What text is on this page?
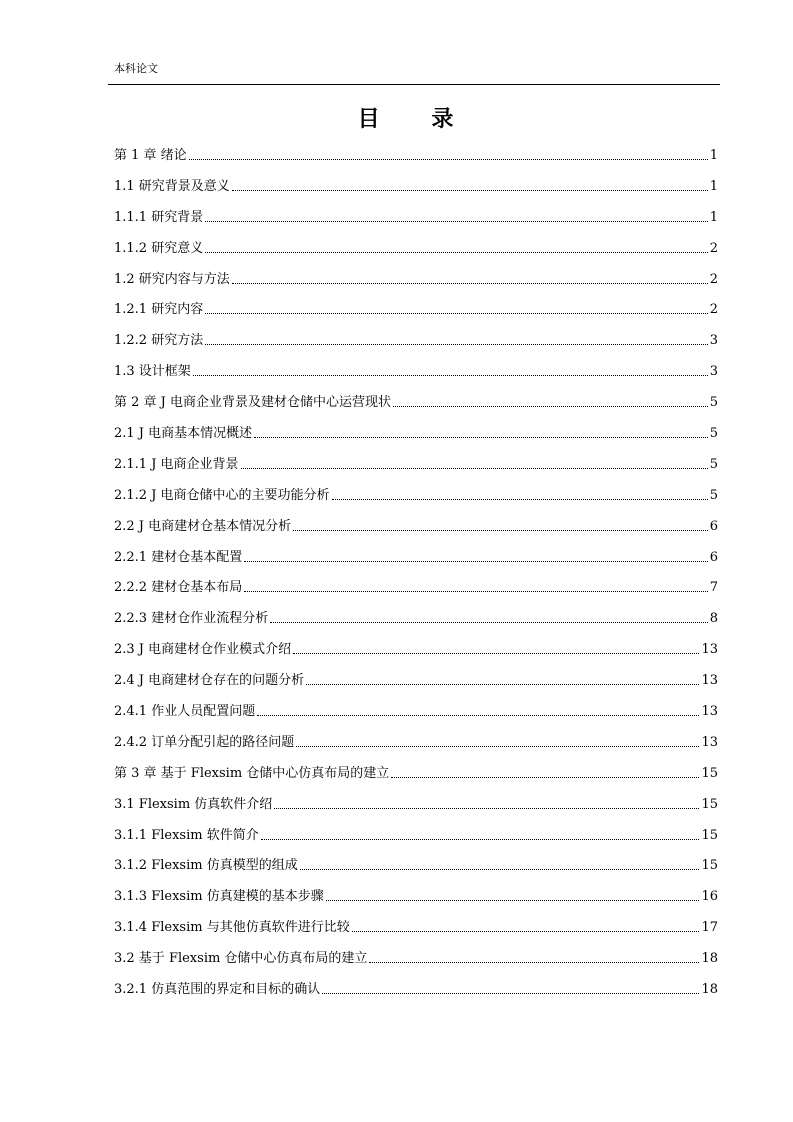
本科论文
目 录
第 1 章 绪论	1
1.1 研究背景及意义	1
1.1.1 研究背景	1
1.1.2 研究意义	2
1.2 研究内容与方法	2
1.2.1 研究内容	2
1.2.2 研究方法	3
1.3 设计框架	3
第 2 章 J 电商企业背景及建材仓储中心运营现状	5
2.1 J 电商基本情况概述	5
2.1.1 J 电商企业背景	5
2.1.2 J 电商仓储中心的主要功能分析	5
2.2 J 电商建材仓基本情况分析	6
2.2.1 建材仓基本配置	6
2.2.2 建材仓基本布局	7
2.2.3 建材仓作业流程分析	8
2.3 J 电商建材仓作业模式介绍	13
2.4 J 电商建材仓存在的问题分析	13
2.4.1 作业人员配置问题	13
2.4.2 订单分配引起的路径问题	13
第 3 章 基于 Flexsim 仓储中心仿真布局的建立	15
3.1 Flexsim 仿真软件介绍	15
3.1.1 Flexsim 软件简介	15
3.1.2 Flexsim 仿真模型的组成	15
3.1.3 Flexsim 仿真建模的基本步骤	16
3.1.4 Flexsim 与其他仿真软件进行比较	17
3.2 基于 Flexsim 仓储中心仿真布局的建立	18
3.2.1 仿真范围的界定和目标的确认	18
